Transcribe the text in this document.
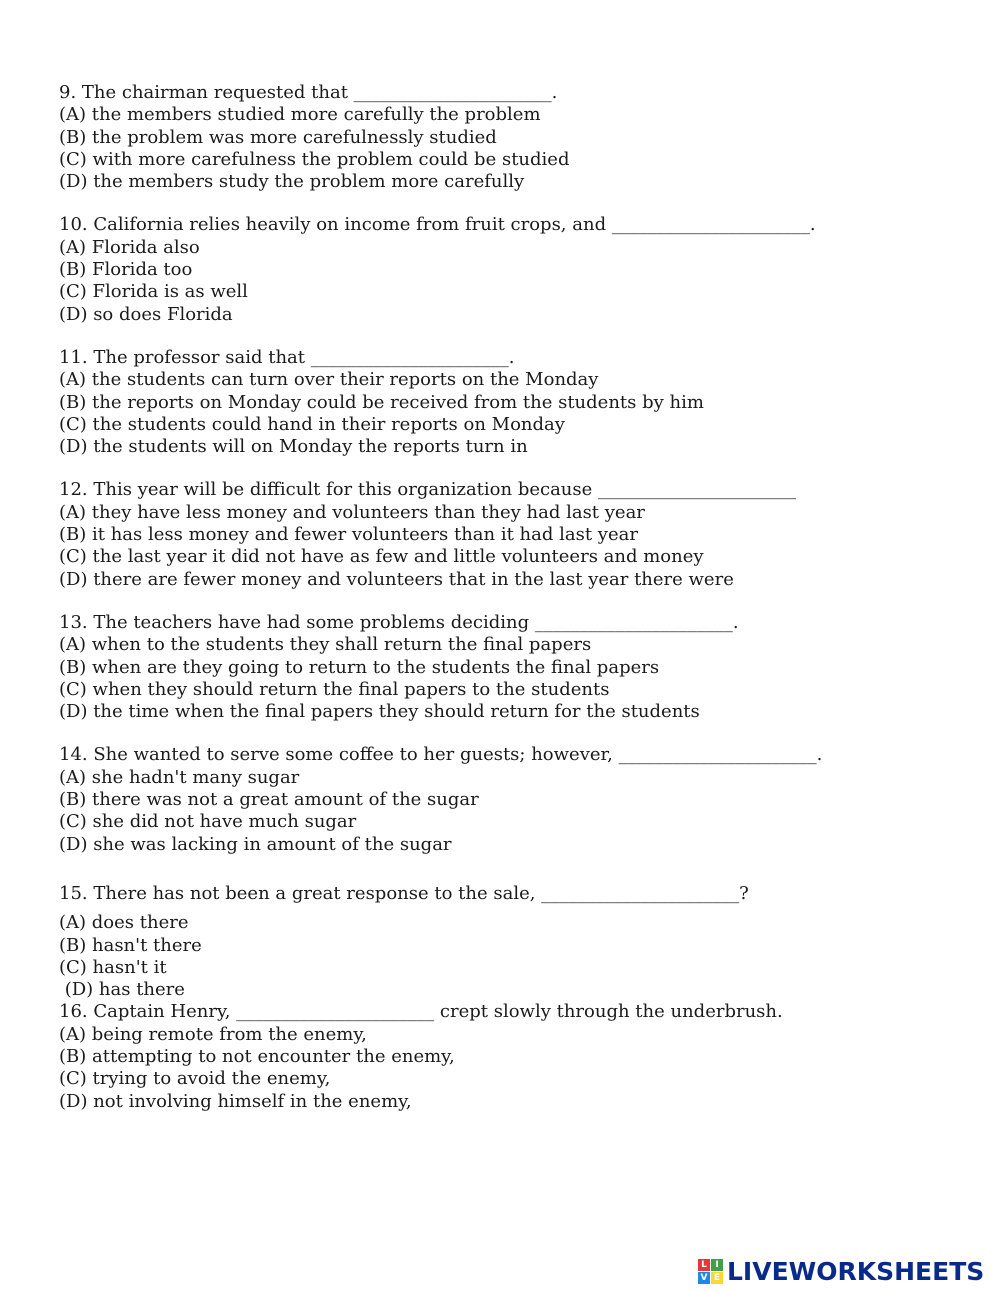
9. The chairman requested that ______________________.

(A) the members studied more carefully the problem

(B) the problem was more carefulnessly studied

(C) with more carefulness the problem could be studied

(D) the members study the problem more carefully

10. California relies heavily on income from fruit crops, and ______________________.

(A) Florida also

(B) Florida too

(C) Florida is as well

(D) so does Florida

11. The professor said that ______________________.

(A) the students can turn over their reports on the Monday

(B) the reports on Monday could be received from the students by him

(C) the students could hand in their reports on Monday

(D) the students will on Monday the reports turn in

12. This year will be difficult for this organization because ______________________

(A) they have less money and volunteers than they had last year

(B) it has less money and fewer volunteers than it had last year

(C) the last year it did not have as few and little volunteers and money

(D) there are fewer money and volunteers that in the last year there were

13. The teachers have had some problems deciding ______________________.

(A) when to the students they shall return the final papers

(B) when are they going to return to the students the final papers

(C) when they should return the final papers to the students

(D) the time when the final papers they should return for the students

14. She wanted to serve some coffee to her guests; however, ______________________.

(A) she hadn't many sugar

(B) there was not a great amount of the sugar

(C) she did not have much sugar

(D) she was lacking in amount of the sugar

15. There has not been a great response to the sale, ______________________?

(A) does there

(B) hasn't there

(C) hasn't it

(D) has there

16. Captain Henry, ______________________ crept slowly through the underbrush.

(A) being remote from the enemy,

(B) attempting to not encounter the enemy,

(C) trying to avoid the enemy,

(D) not involving himself in the enemy,

L I
V E LIVEWORKSHEETS
